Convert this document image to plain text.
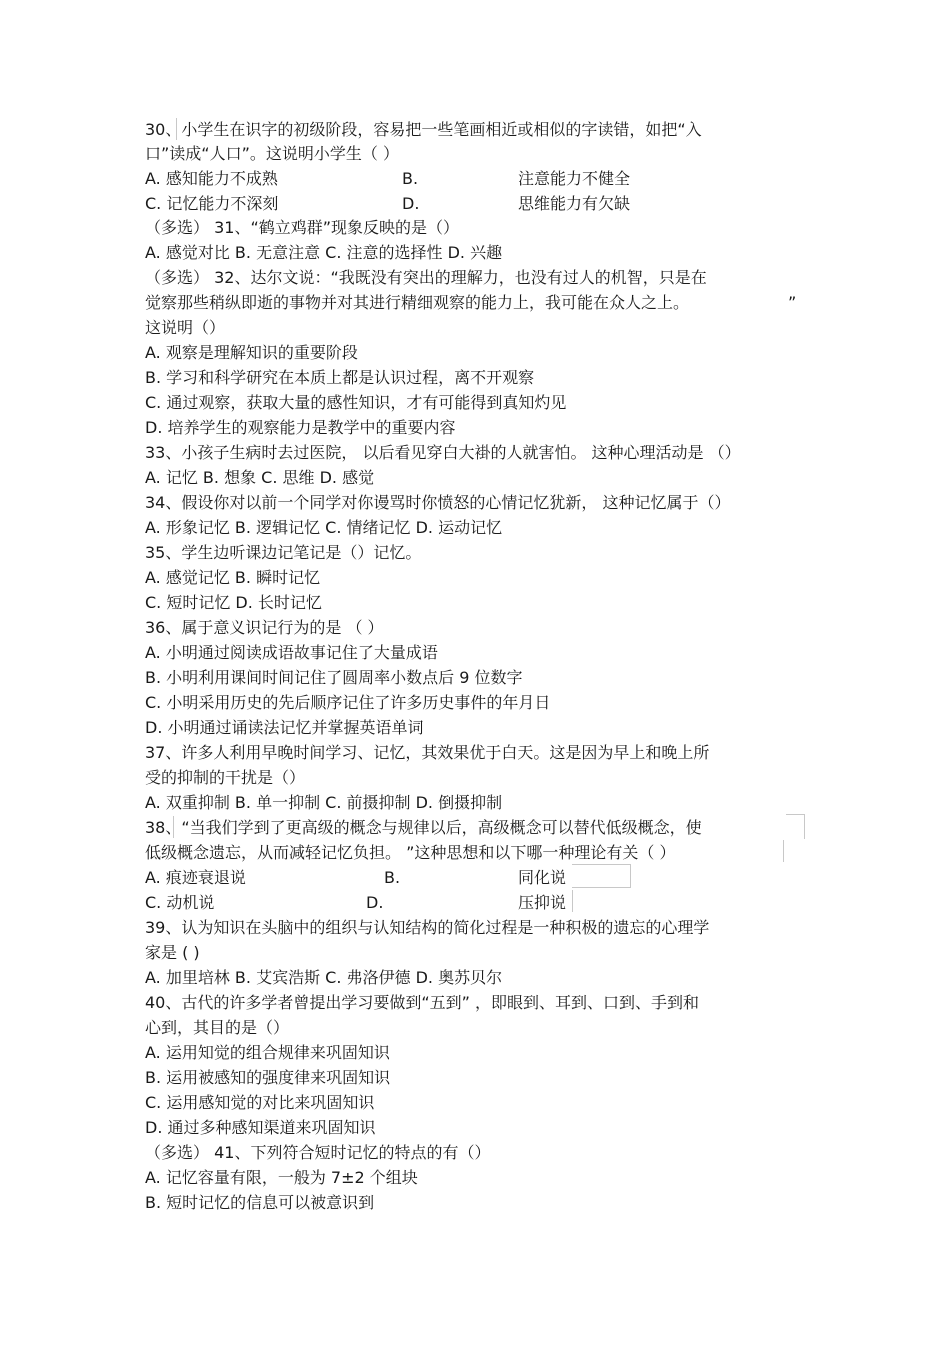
30、小学生在识字的初级阶段，容易把一些笔画相近或相似的字读错，如把“入
口”读成“人口”。这说明小学生（ ）
A. 感知能力不成熟	B.	注意能力不健全
C. 记忆能力不深刻	D.	思维能力有欠缺
（多选） 31、“鹤立鸡群”现象反映的是（）
A. 感觉对比 B. 无意注意 C. 注意的选择性 D. 兴趣
（多选） 32、达尔文说：“我既没有突出的理解力，也没有过人的机智，只是在
觉察那些稍纵即逝的事物并对其进行精细观察的能力上，我可能在众人之上。	”
这说明（）
A. 观察是理解知识的重要阶段
B. 学习和科学研究在本质上都是认识过程，离不开观察
C. 通过观察，获取大量的感性知识，才有可能得到真知灼见
D. 培养学生的观察能力是教学中的重要内容
33、小孩子生病时去过医院， 以后看见穿白大褂的人就害怕。 这种心理活动是 （）
A. 记忆 B. 想象 C. 思维 D. 感觉
34、假设你对以前一个同学对你谩骂时你愤怒的心情记忆犹新， 这种记忆属于（）
A. 形象记忆 B. 逻辑记忆 C. 情绪记忆 D. 运动记忆
35、学生边听课边记笔记是（）记忆。
A. 感觉记忆 B. 瞬时记忆
C. 短时记忆 D. 长时记忆
36、属于意义识记行为的是 （ ）
A. 小明通过阅读成语故事记住了大量成语
B. 小明利用课间时间记住了圆周率小数点后 9 位数字
C. 小明采用历史的先后顺序记住了许多历史事件的年月日
D. 小明通过诵读法记忆并掌握英语单词
37、许多人利用早晚时间学习、记忆，其效果优于白天。这是因为早上和晚上所
受的抑制的干扰是（）
A. 双重抑制 B. 单一抑制 C. 前摄抑制 D. 倒摄抑制
38、“当我们学到了更高级的概念与规律以后，高级概念可以替代低级概念，使
低级概念遗忘，从而减轻记忆负担。 ”这种思想和以下哪一种理论有关（ ）
A. 痕迹衰退说	B.	同化说
C. 动机说	D.	压抑说
39、认为知识在头脑中的组织与认知结构的简化过程是一种积极的遗忘的心理学
家是 ( )
A. 加里培林 B. 艾宾浩斯 C. 弗洛伊德 D. 奥苏贝尔
40、古代的许多学者曾提出学习要做到“五到” ，即眼到、耳到、口到、手到和
心到，其目的是（）
A. 运用知觉的组合规律来巩固知识
B. 运用被感知的强度律来巩固知识
C. 运用感知觉的对比来巩固知识
D. 通过多种感知渠道来巩固知识
（多选） 41、下列符合短时记忆的特点的有（）
A. 记忆容量有限，一般为 7±2 个组块
B. 短时记忆的信息可以被意识到
